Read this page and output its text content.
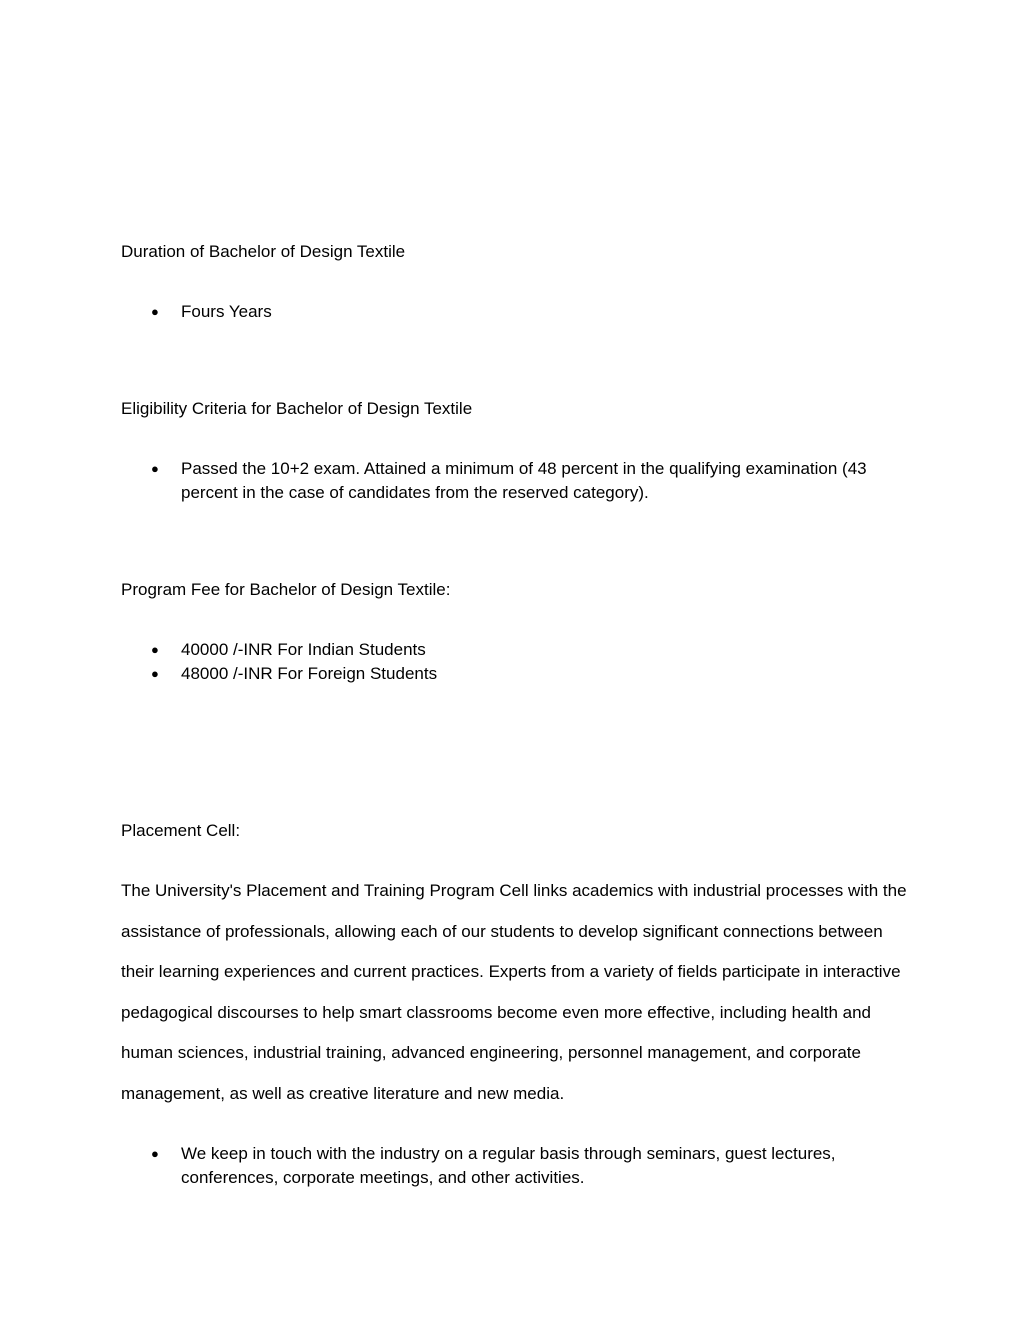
Duration of Bachelor of Design Textile
●	Fours Years
Eligibility Criteria for Bachelor of Design Textile
●	Passed the 10+2 exam. Attained a minimum of 48 percent in the qualifying examination (43 percent in the case of candidates from the reserved category).
Program Fee for Bachelor of Design Textile:
●	40000 /-INR For Indian Students
●	48000 /-INR For Foreign Students
Placement Cell:

The University's Placement and Training Program Cell links academics with industrial processes with the assistance of professionals, allowing each of our students to develop significant connections between their learning experiences and current practices. Experts from a variety of fields participate in interactive pedagogical discourses to help smart classrooms become even more effective, including health and human sciences, industrial training, advanced engineering, personnel management, and corporate management, as well as creative literature and new media.

●	We keep in touch with the industry on a regular basis through seminars, guest lectures, conferences, corporate meetings, and other activities.
